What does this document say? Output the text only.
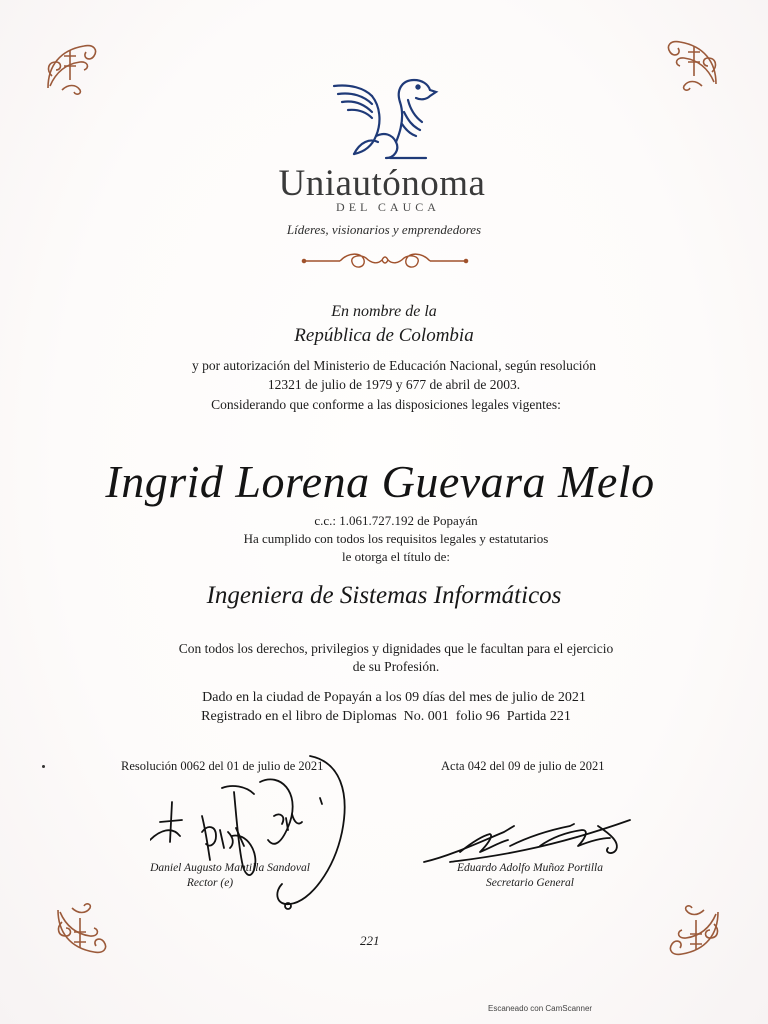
Uniautónoma
DEL CAUCA
Líderes, visionarios y emprendedores
En nombre de la
República de Colombia
y por autorización del Ministerio de Educación Nacional, según resolución
12321 de julio de 1979 y 677 de abril de 2003.
Considerando que conforme a las disposiciones legales vigentes:
Ingrid Lorena Guevara Melo
c.c.: 1.061.727.192 de Popayán
Ha cumplido con todos los requisitos legales y estatutarios
le otorga el título de:
Ingeniera de Sistemas Informáticos
Con todos los derechos, privilegios y dignidades que le facultan para el ejercicio
de su Profesión.
Dado en la ciudad de Popayán a los 09 días del mes de julio de 2021
Registrado en el libro de Diplomas  No. 001  folio 96  Partida 221
Resolución 0062 del 01 de julio de 2021	Acta 042 del 09 de julio de 2021
Daniel Augusto Mantilla Sandoval
Rector (e)
Eduardo Adolfo Muñoz Portilla
Secretario General
221
Escaneado con CamScanner
